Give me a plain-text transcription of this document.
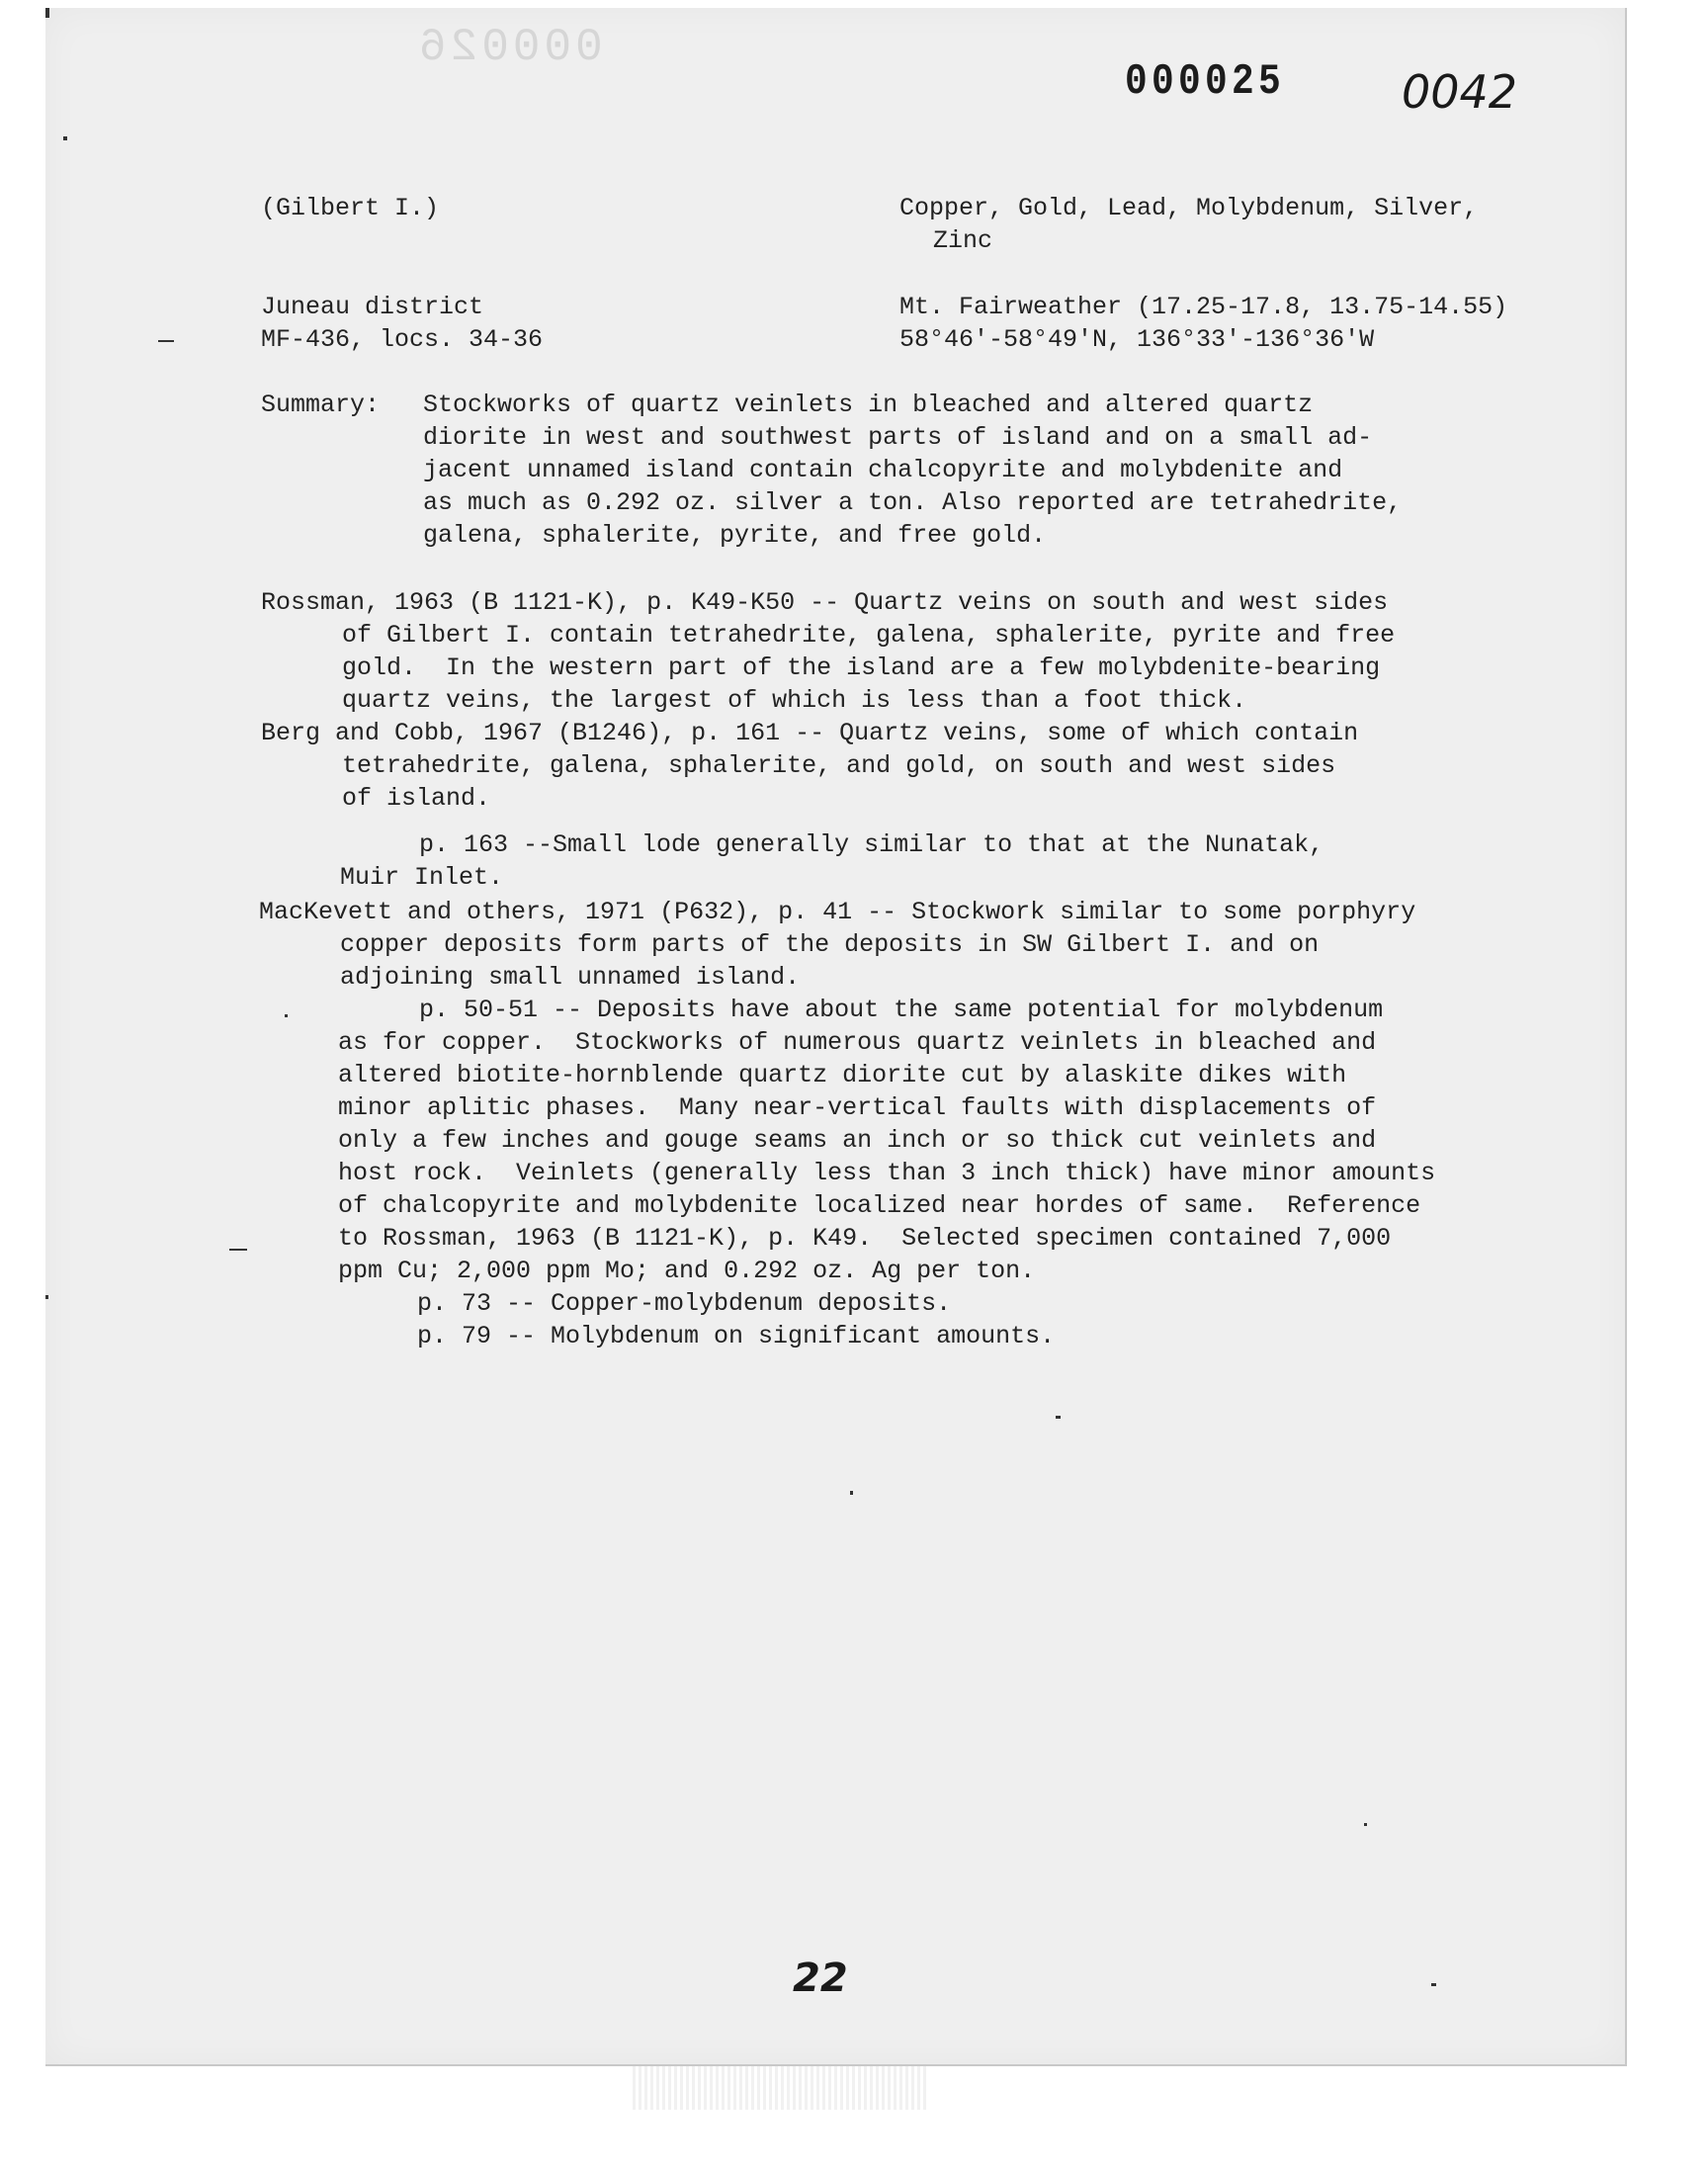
000026
000025	0042
(Gilbert I.)
Juneau district
MF-436, locs. 34-36
Copper, Gold, Lead, Molybdenum, Silver,
Zinc
Mt. Fairweather (17.25-17.8, 13.75-14.55)
58°46'-58°49'N, 136°33'-136°36'W
Summary: Stockworks of quartz veinlets in bleached and altered quartz
diorite in west and southwest parts of island and on a small ad-
jacent unnamed island contain chalcopyrite and molybdenite and
as much as 0.292 oz. silver a ton. Also reported are tetrahedrite,
galena, sphalerite, pyrite, and free gold.
Rossman, 1963 (B 1121-K), p. K49-K50 -- Quartz veins on south and west sides
of Gilbert I. contain tetrahedrite, galena, sphalerite, pyrite and free
gold.  In the western part of the island are a few molybdenite-bearing
quartz veins, the largest of which is less than a foot thick.
Berg and Cobb, 1967 (B1246), p. 161 -- Quartz veins, some of which contain
tetrahedrite, galena, sphalerite, and gold, on south and west sides
of island.
p. 163 --Small lode generally similar to that at the Nunatak,
Muir Inlet.
MacKevett and others, 1971 (P632), p. 41 -- Stockwork similar to some porphyry
copper deposits form parts of the deposits in SW Gilbert I. and on
adjoining small unnamed island.
p. 50-51 -- Deposits have about the same potential for molybdenum
as for copper.  Stockworks of numerous quartz veinlets in bleached and
altered biotite-hornblende quartz diorite cut by alaskite dikes with
minor aplitic phases.  Many near-vertical faults with displacements of
only a few inches and gouge seams an inch or so thick cut veinlets and
host rock.  Veinlets (generally less than 3 inch thick) have minor amounts
of chalcopyrite and molybdenite localized near hordes of same.  Reference
to Rossman, 1963 (B 1121-K), p. K49.  Selected specimen contained 7,000
ppm Cu; 2,000 ppm Mo; and 0.292 oz. Ag per ton.
p. 73 -- Copper-molybdenum deposits.
p. 79 -- Molybdenum on significant amounts.
22
